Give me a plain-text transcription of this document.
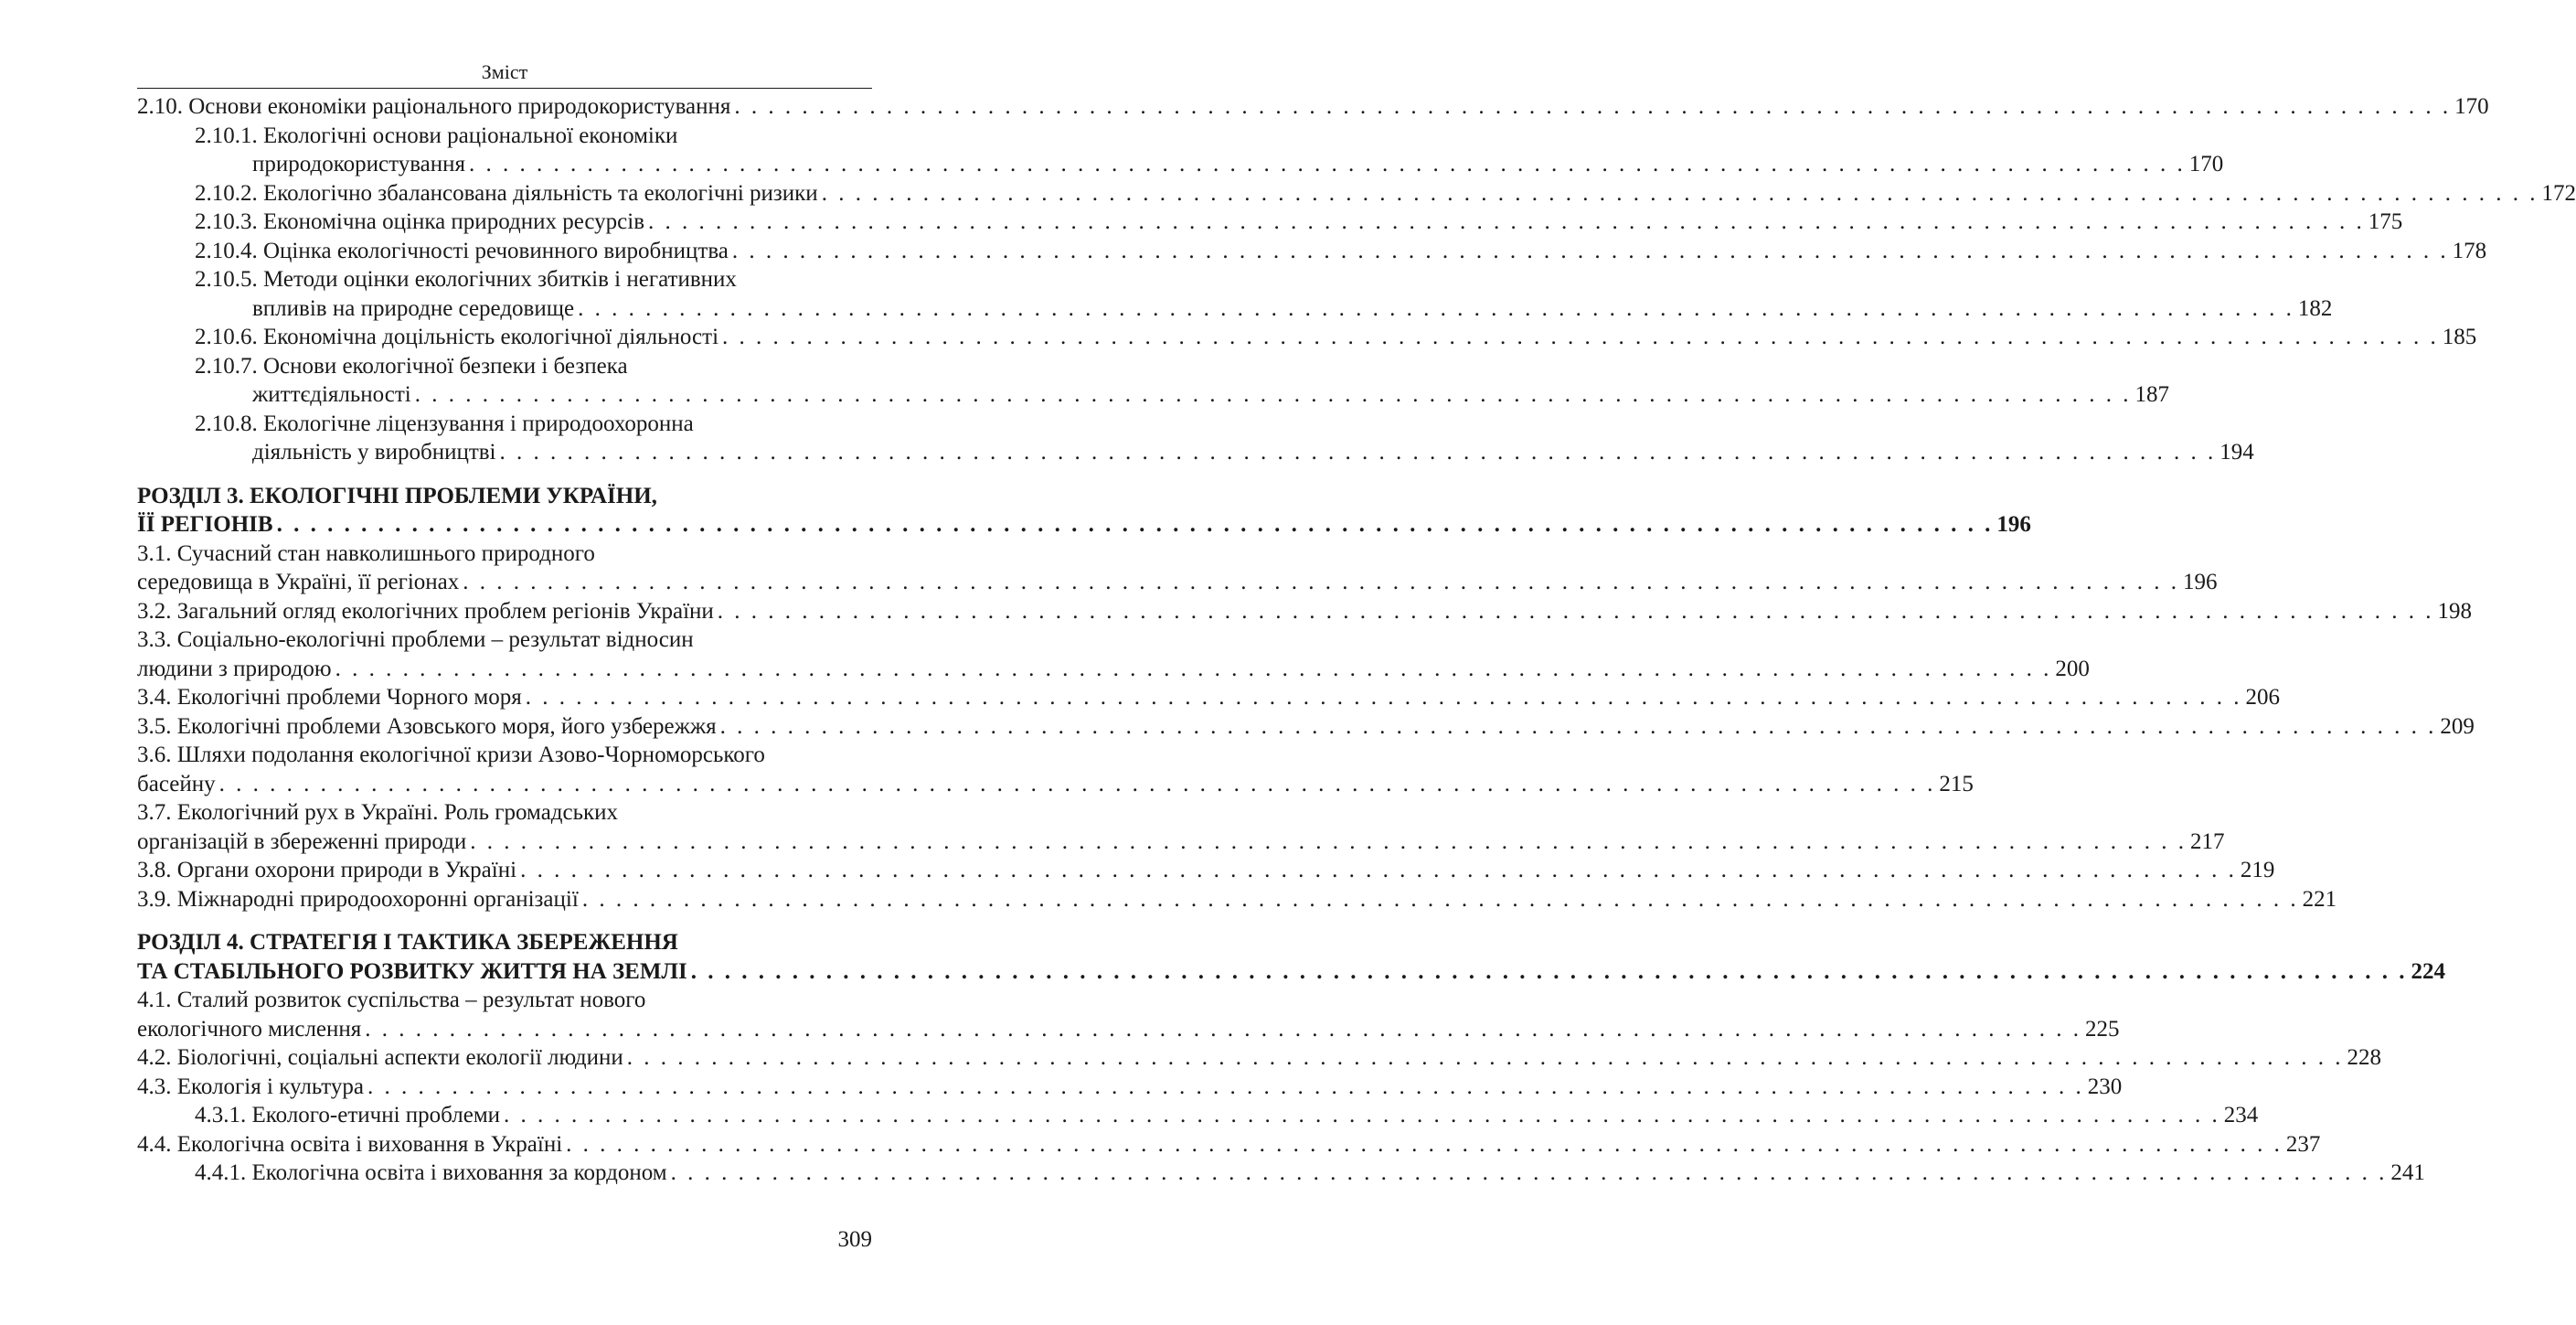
Зміст
2.10. Основи економіки раціонального природокористування . . .	170
2.10.1. Екологічні основи раціональної економіки
природокористування . . .	170
2.10.2. Екологічно збалансована діяльність та екологічні ризики . . .	172
2.10.3. Економічна оцінка природних ресурсів . . .	175
2.10.4. Оцінка екологічності речовинного виробництва . . .	178
2.10.5. Методи оцінки екологічних збитків і негативних
впливів на природне середовище . . .	182
2.10.6. Економічна доцільність екологічної діяльності . . .	185
2.10.7. Основи екологічної безпеки і безпека
життєдіяльності . . .	187
2.10.8. Екологічне ліцензування і природоохоронна
діяльність у виробництві . . .	194
РОЗДІЛ 3. ЕКОЛОГІЧНІ ПРОБЛЕМИ УКРАЇНИ,
ЇЇ РЕГІОНІВ . . .	196
3.1. Сучасний стан навколишнього природного
середовища в Україні, її регіонах . . .	196
3.2. Загальний огляд екологічних проблем регіонів України . . .	198
3.3. Соціально-екологічні проблеми – результат відносин
людини з природою . . .	200
3.4. Екологічні проблеми Чорного моря . . .	206
3.5. Екологічні проблеми Азовського моря, його узбережжя . . .	209
3.6. Шляхи подолання екологічної кризи Азово-Чорноморського
басейну . . .	215
3.7. Екологічний рух в Україні. Роль громадських
організацій в збереженні природи . . .	217
3.8. Органи охорони природи в Україні . . .	219
3.9. Міжнародні природоохоронні організації . . .	221
РОЗДІЛ 4. СТРАТЕГІЯ І ТАКТИКА ЗБЕРЕЖЕННЯ
ТА СТАБІЛЬНОГО РОЗВИТКУ ЖИТТЯ НА ЗЕМЛІ . . .	224
4.1. Сталий розвиток суспільства – результат нового
екологічного мислення . . .	225
4.2. Біологічні, соціальні аспекти екології людини . . .	228
4.3. Екологія і культура . . .	230
4.3.1. Еколого-етичні проблеми . . .	234
4.4. Екологічна освіта і виховання в Україні . . .	237
4.4.1. Екологічна освіта і виховання за кордоном . . .	241
309
